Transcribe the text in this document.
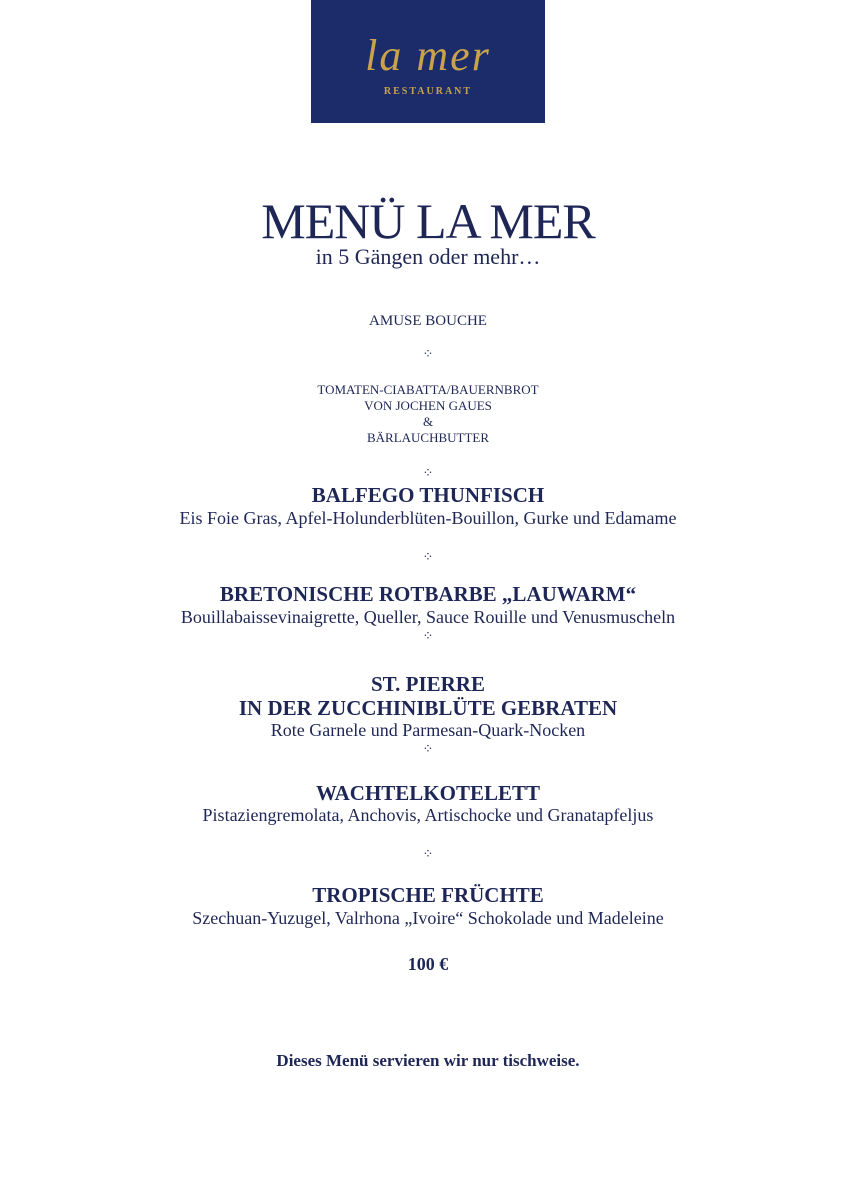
la mer
RESTAURANT
MENÜ LA MER
in 5 Gängen oder mehr…
AMUSE BOUCHE
⁘
TOMATEN-CIABATTA/BAUERNBROT
VON JOCHEN GAUES
&
BÄRLAUCHBUTTER
⁘
BALFEGO THUNFISCH
Eis Foie Gras, Apfel-Holunderblüten-Bouillon, Gurke und Edamame
⁘
BRETONISCHE ROTBARBE „LAUWARM“
Bouillabaissevinaigrette, Queller, Sauce Rouille und Venusmuscheln
⁘
ST. PIERRE
IN DER ZUCCHINIBLÜTE GEBRATEN
Rote Garnele und Parmesan-Quark-Nocken
⁘
WACHTELKOTELETT
Pistaziengremolata, Anchovis, Artischocke und Granatapfeljus
⁘
TROPISCHE FRÜCHTE
Szechuan-Yuzugel, Valrhona „Ivoire“ Schokolade und Madeleine
100 €
Dieses Menü servieren wir nur tischweise.
